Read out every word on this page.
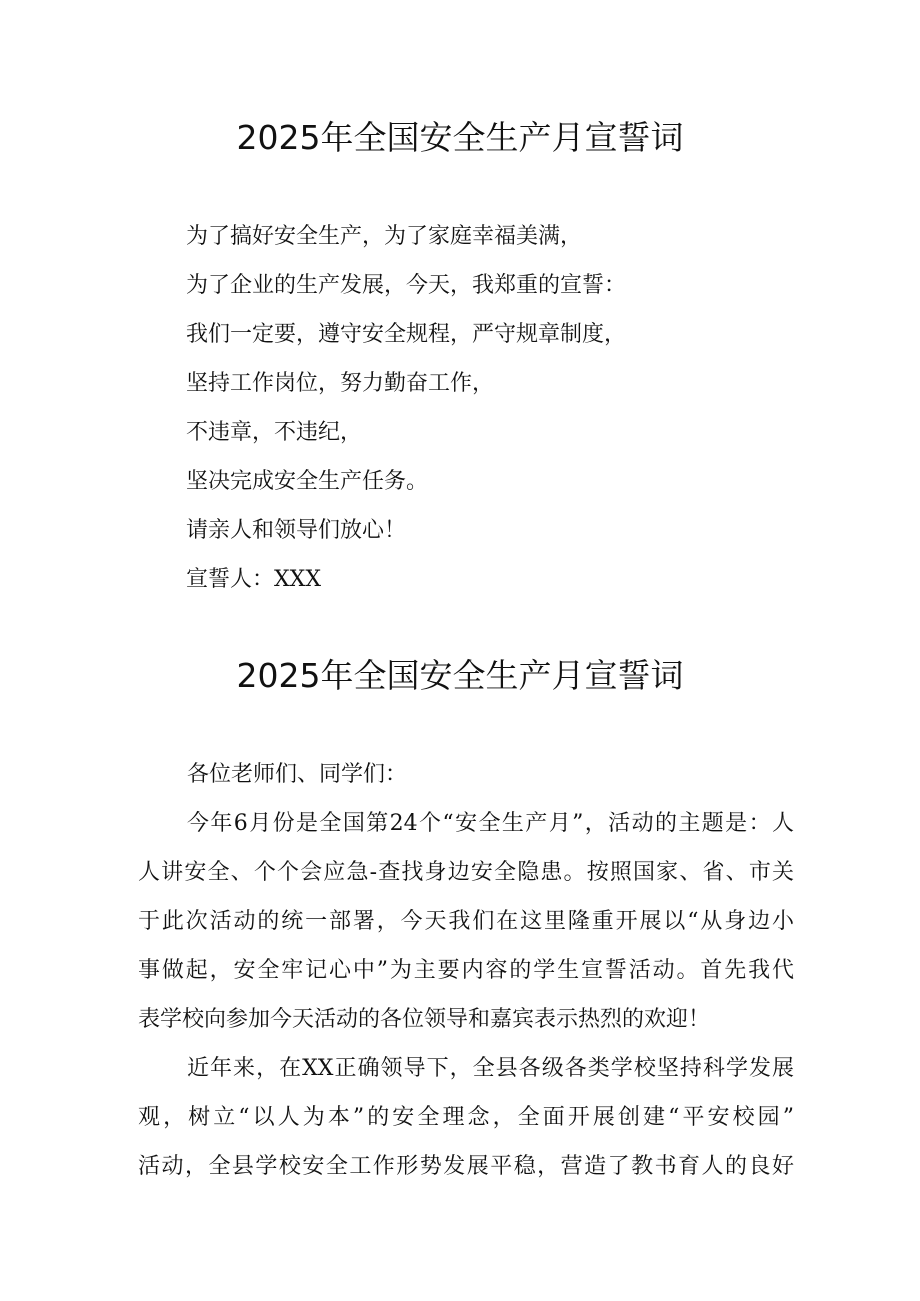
2025年全国安全生产月宣誓词
为了搞好安全生产，为了家庭幸福美满，
为了企业的生产发展，今天，我郑重的宣誓：
我们一定要，遵守安全规程，严守规章制度，
坚持工作岗位，努力勤奋工作，
不违章，不违纪，
坚决完成安全生产任务。
请亲人和领导们放心！
宣誓人：XXX
2025年全国安全生产月宣誓词
各位老师们、同学们：
今年6月份是全国第24个“安全生产月”，活动的主题是：人
人讲安全、个个会应急-查找身边安全隐患。按照国家、省、市关
于此次活动的统一部署，今天我们在这里隆重开展以“从身边小
事做起，安全牢记心中”为主要内容的学生宣誓活动。首先我代
表学校向参加今天活动的各位领导和嘉宾表示热烈的欢迎！
近年来，在XX正确领导下，全县各级各类学校坚持科学发展
观，树立“以人为本”的安全理念，全面开展创建“平安校园”
活动，全县学校安全工作形势发展平稳，营造了教书育人的良好
